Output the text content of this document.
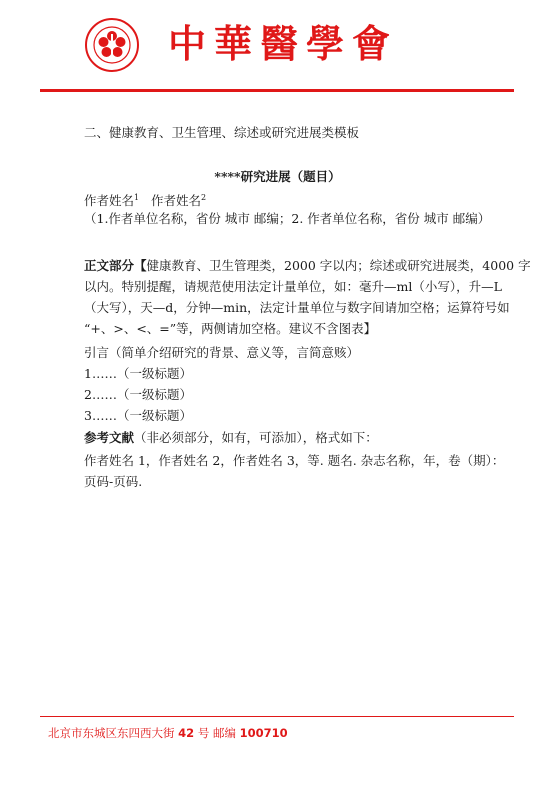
中華醫學會
二、健康教育、卫生管理、综述或研究进展类模板
****研究进展（题目）
作者姓名$^1$ 作者姓名$^2$
（1.作者单位名称，省份 城市 邮编；2. 作者单位名称，省份 城市 邮编）
正文部分【健康教育、卫生管理类，2000 字以内；综述或研究进展类，4000 字
以内。特别提醒，请规范使用法定计量单位，如：毫升—ml（小写），升—L
（大写），天—d，分钟—min，法定计量单位与数字间请加空格；运算符号如
“+、>、<、=”等，两侧请加空格。建议不含图表】
引言（简单介绍研究的背景、意义等，言简意赅）
1……（一级标题）
2……（一级标题）
3……（一级标题）
参考文献（非必须部分，如有，可添加），格式如下：
作者姓名 1，作者姓名 2，作者姓名 3，等. 题名. 杂志名称，年，卷（期）：
页码-页码.
北京市东城区东四西大街 42 号 邮编 100710
